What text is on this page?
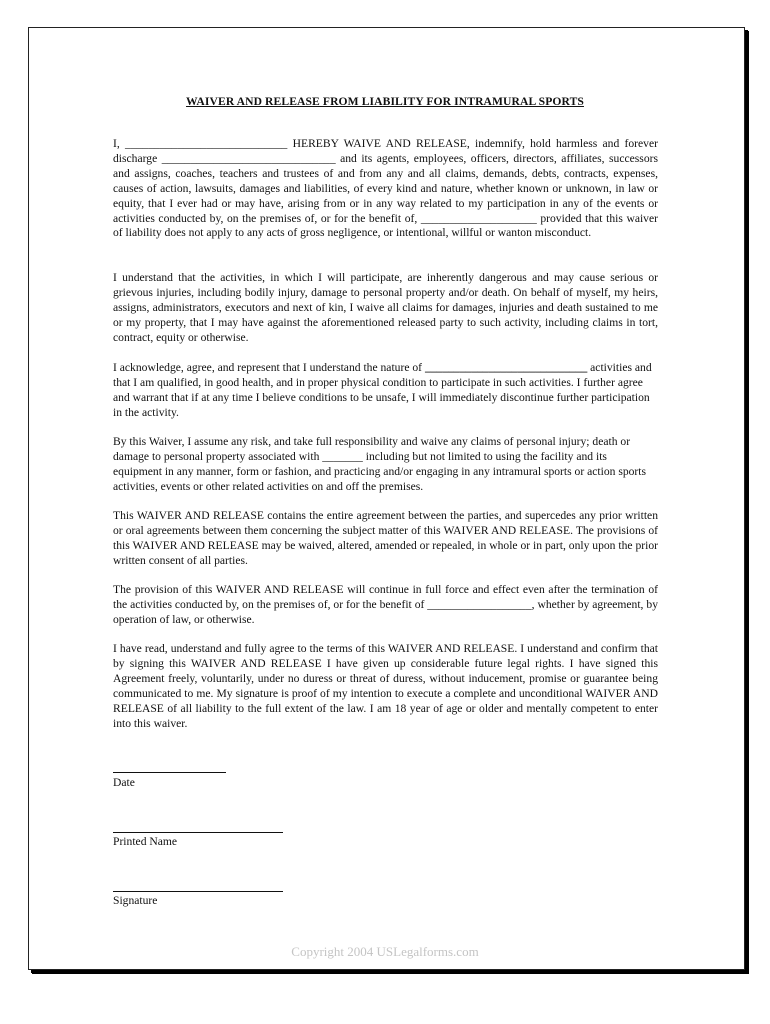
WAIVER AND RELEASE FROM LIABILITY FOR INTRAMURAL SPORTS
I, ____________________________ HEREBY WAIVE AND RELEASE, indemnify, hold harmless and forever discharge ______________________________ and its agents, employees, officers, directors, affiliates, successors and assigns, coaches, teachers and trustees of and from any and all claims, demands, debts, contracts, expenses, causes of action, lawsuits, damages and liabilities, of every kind and nature, whether known or unknown, in law or equity, that I ever had or may have, arising from or in any way related to my participation in any of the events or activities conducted by, on the premises of, or for the benefit of, ____________________ provided that this waiver of liability does not apply to any acts of gross negligence, or intentional, willful or wanton misconduct.
I understand that the activities, in which I will participate, are inherently dangerous and may cause serious or grievous injuries, including bodily injury, damage to personal property and/or death. On behalf of myself, my heirs, assigns, administrators, executors and next of kin, I waive all claims for damages, injuries and death sustained to me or my property, that I may have against the aforementioned released party to such activity, including claims in tort, contract, equity or otherwise.
I acknowledge, agree, and represent that I understand the nature of ____________________________ activities and that I am qualified, in good health, and in proper physical condition to participate in such activities. I further agree and warrant that if at any time I believe conditions to be unsafe, I will immediately discontinue further participation in the activity.
By this Waiver, I assume any risk, and take full responsibility and waive any claims of personal injury; death or damage to personal property associated with _______ including but not limited to using the facility and its equipment in any manner, form or fashion, and practicing and/or engaging in any intramural sports or action sports activities, events or other related activities on and off the premises.
This WAIVER AND RELEASE contains the entire agreement between the parties, and supercedes any prior written or oral agreements between them concerning the subject matter of this WAIVER AND RELEASE. The provisions of this WAIVER AND RELEASE may be waived, altered, amended or repealed, in whole or in part, only upon the prior written consent of all parties.
The provision of this WAIVER AND RELEASE will continue in full force and effect even after the termination of the activities conducted by, on the premises of, or for the benefit of __________________, whether by agreement, by operation of law, or otherwise.
I have read, understand and fully agree to the terms of this WAIVER AND RELEASE. I understand and confirm that by signing this WAIVER AND RELEASE I have given up considerable future legal rights. I have signed this Agreement freely, voluntarily, under no duress or threat of duress, without inducement, promise or guarantee being communicated to me. My signature is proof of my intention to execute a complete and unconditional WAIVER AND RELEASE of all liability to the full extent of the law. I am 18 year of age or older and mentally competent to enter into this waiver.
Date
Printed Name
Signature
Copyright 2004 USLegalforms.com
